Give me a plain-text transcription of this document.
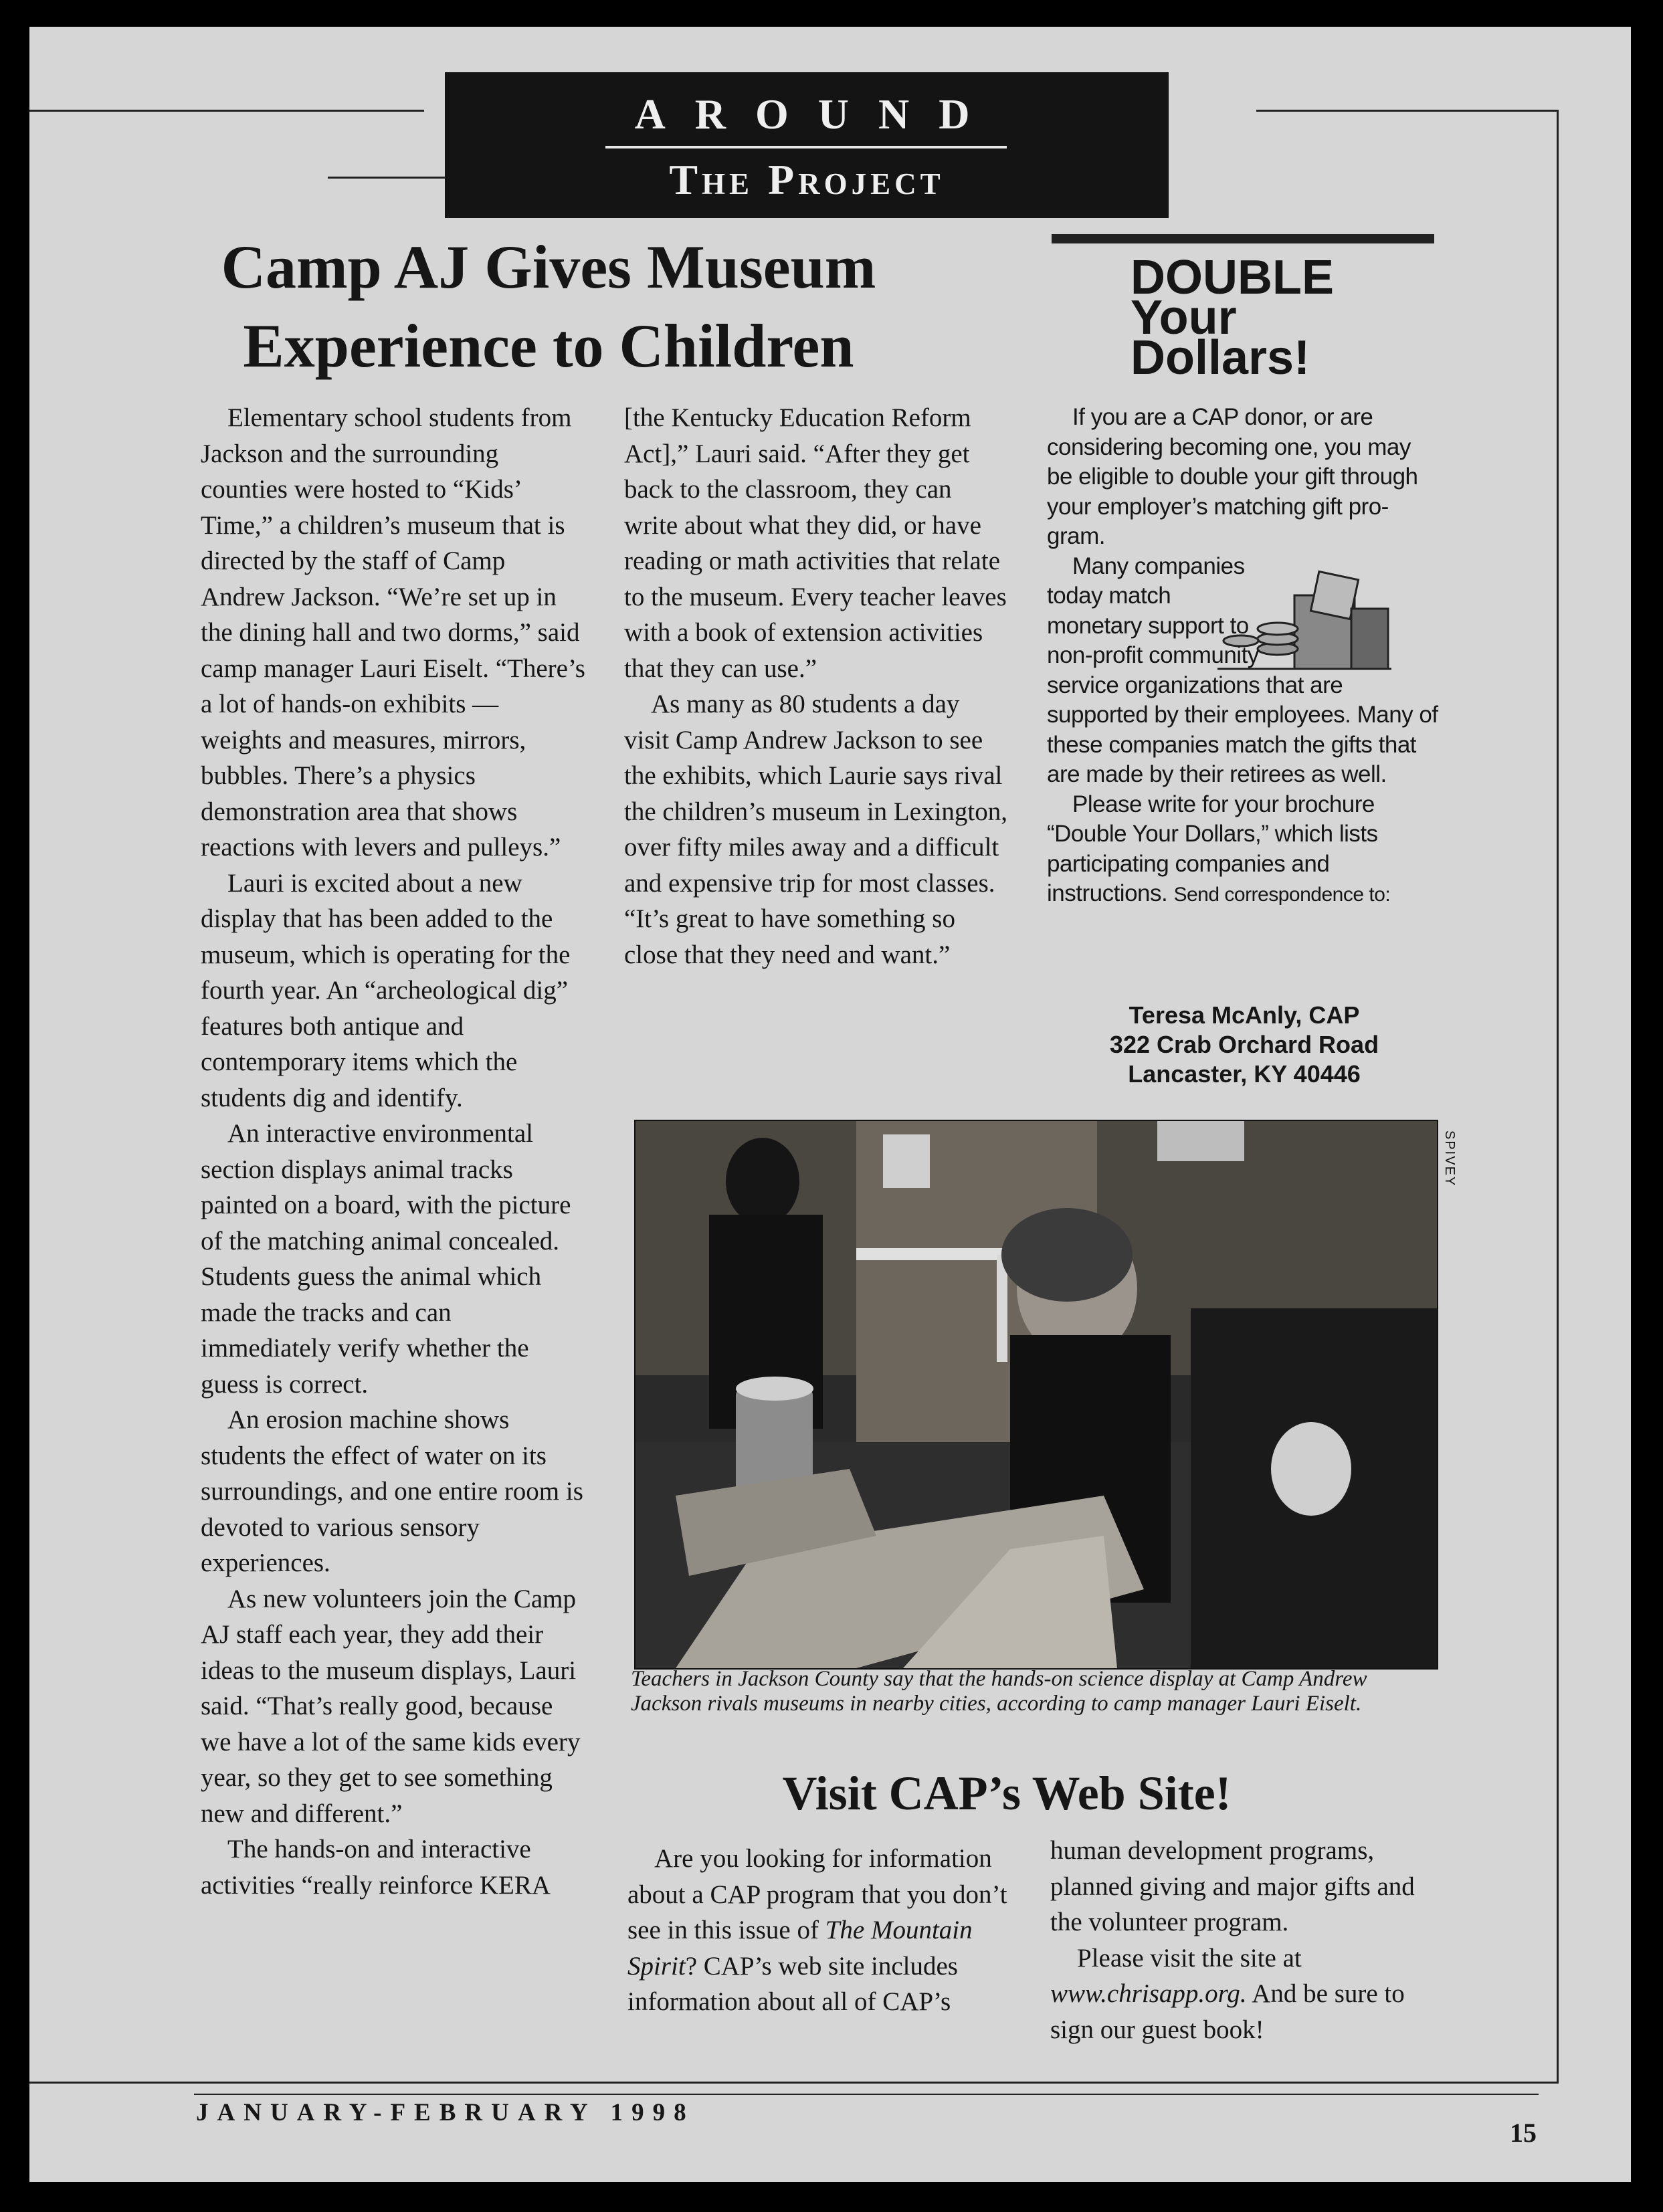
AROUND
The Project
Camp AJ Gives Museum Experience to Children

Elementary school students from Jackson and the surrounding counties were hosted to “Kids’ Time,” a children’s museum that is directed by the staff of Camp Andrew Jackson. “We’re set up in the dining hall and two dorms,” said camp manager Lauri Eiselt. “There’s a lot of hands-on exhibits — weights and measures, mirrors, bubbles. There’s a physics demonstration area that shows reactions with levers and pulleys.”

Lauri is excited about a new display that has been added to the museum, which is operating for the fourth year. An “archeological dig” features both antique and contemporary items which the students dig and identify.

An interactive environmental section displays animal tracks painted on a board, with the picture of the matching animal concealed. Students guess the animal which made the tracks and can immediately verify whether the guess is correct.

An erosion machine shows students the effect of water on its surroundings, and one entire room is devoted to various sensory experiences.

As new volunteers join the Camp AJ staff each year, they add their ideas to the museum displays, Lauri said. “That’s really good, because we have a lot of the same kids every year, so they get to see something new and different.”

The hands-on and interactive activities “really reinforce KERA

[the Kentucky Education Reform Act],” Lauri said. “After they get back to the classroom, they can write about what they did, or have reading or math activities that relate to the museum. Every teacher leaves with a book of extension activities that they can use.”

As many as 80 students a day visit Camp Andrew Jackson to see the exhibits, which Laurie says rival the children’s museum in Lexington, over fifty miles away and a difficult and expensive trip for most classes. “It’s great to have something so close that they need and want.”

DOUBLE
Your
Dollars!

If you are a CAP donor, or are considering becoming one, you may be eligible to double your gift through your employer’s matching gift pro-gram.

Many companies today match monetary support to non-profit community service organizations that are supported by their employees. Many of these companies match the gifts that are made by their retirees as well.

Please write for your brochure “Double Your Dollars,” which lists participating companies and instructions. Send correspondence to:

Teresa McAnly, CAP
322 Crab Orchard Road
Lancaster, KY 40446
SPIVEY
Teachers in Jackson County say that the hands-on science display at Camp Andrew Jackson rivals museums in nearby cities, according to camp manager Lauri Eiselt.
Visit CAP’s Web Site!

Are you looking for information about a CAP program that you don’t see in this issue of The Mountain Spirit? CAP’s web site includes information about all of CAP’s

human development programs, planned giving and major gifts and the volunteer program.

Please visit the site at www.chrisapp.org. And be sure to sign our guest book!

JANUARY-FEBRUARY 1998
15
